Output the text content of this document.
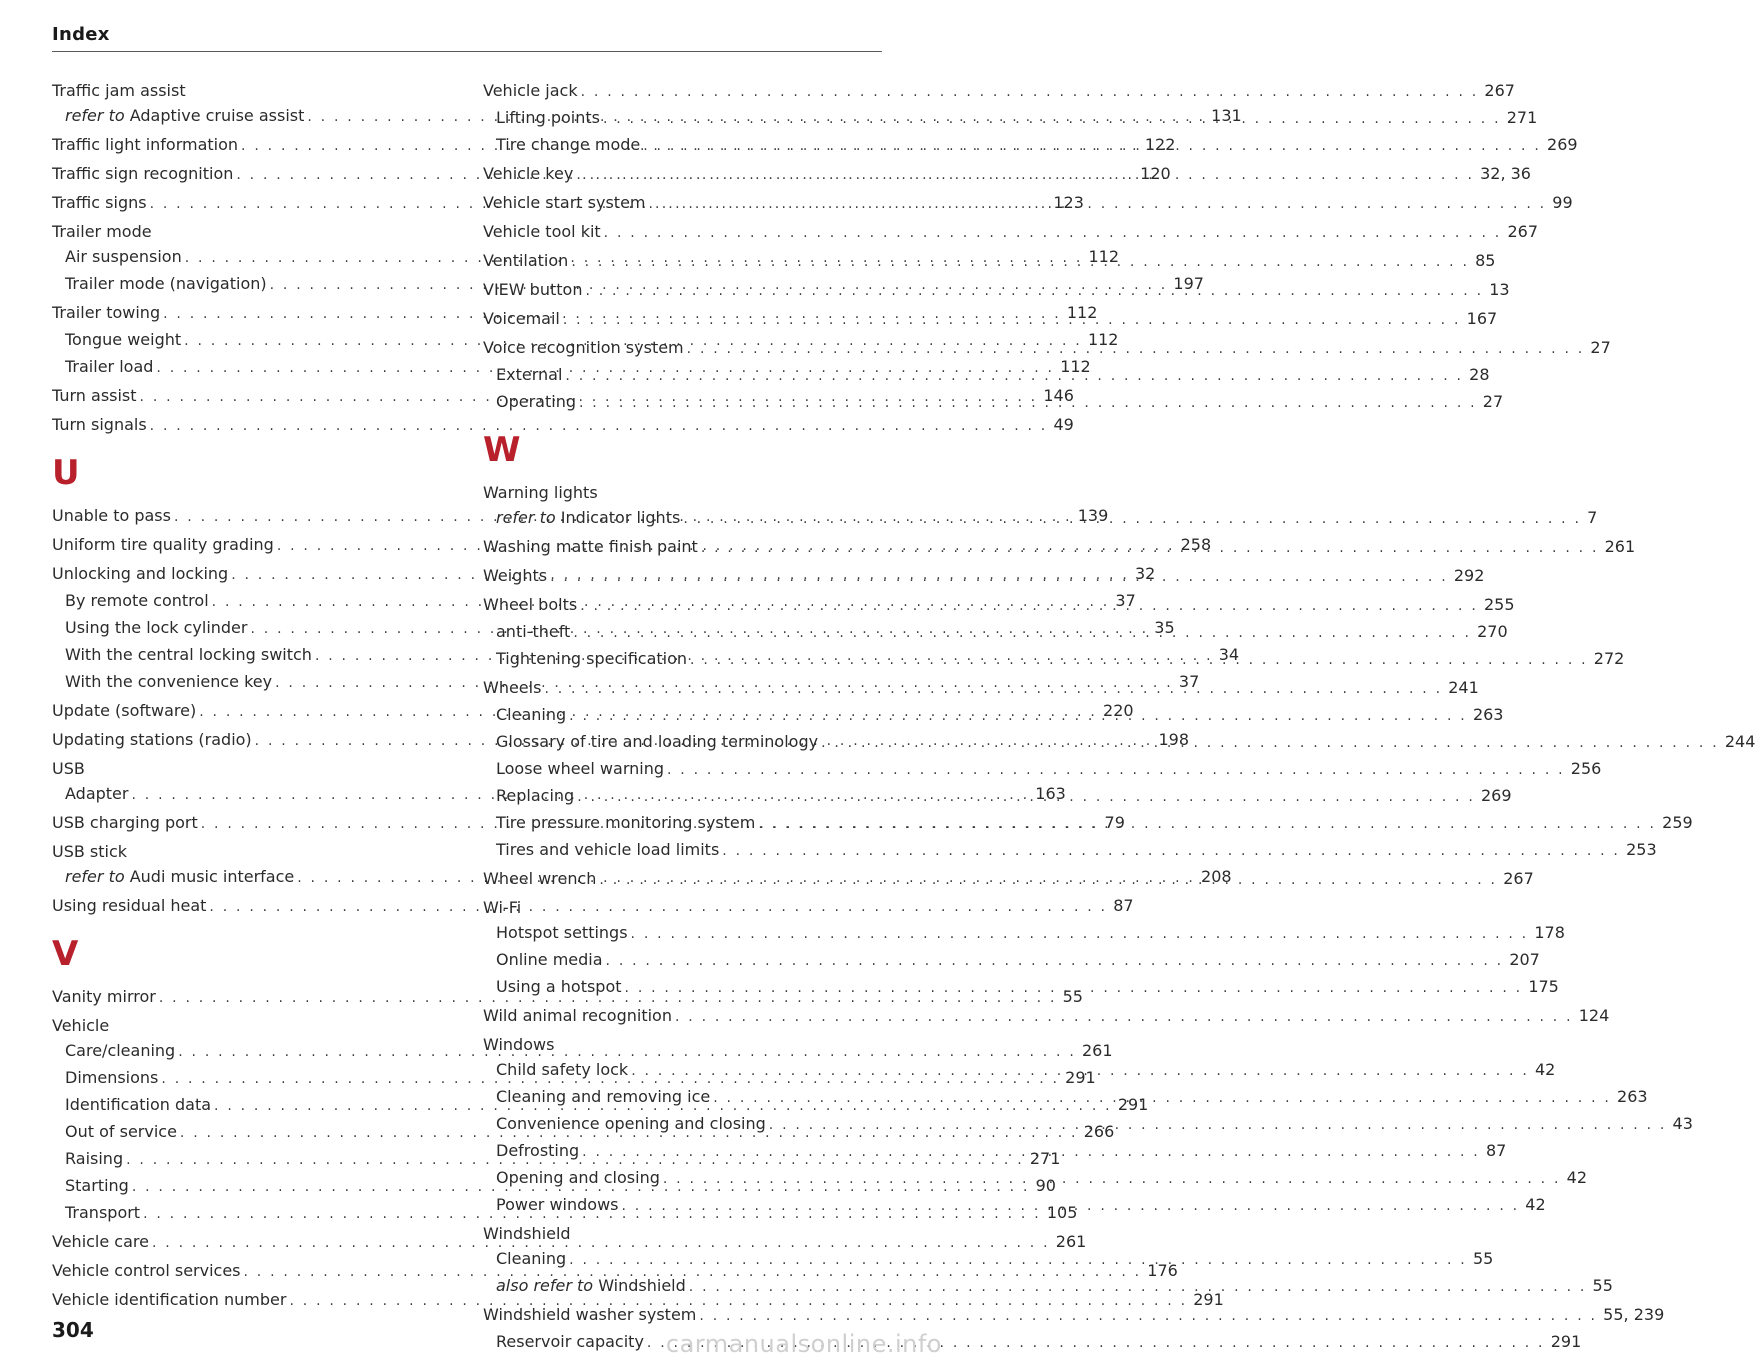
Index
Traffic jam assist
refer to Adaptive cruise assist . . .	131
Traffic light information . . .	122
Traffic sign recognition . . .	120
Traffic signs . . .	123
Trailer mode
Air suspension . . .	112
Trailer mode (navigation) . . .	197
Trailer towing . . .	112
Tongue weight . . .	112
Trailer load . . .	112
Turn assist . . .	146
Turn signals . . .	49
U
Unable to pass . . .	139
Uniform tire quality grading . . .	258
Unlocking and locking . . .	32
By remote control . . .	37
Using the lock cylinder . . .	35
With the central locking switch . . .	34
With the convenience key . . .	37
Update (software) . . .	220
Updating stations (radio) . . .	198
USB
Adapter . . .	163
USB charging port . . .	79
USB stick
refer to Audi music interface . . .	208
Using residual heat . . .	87
V
Vanity mirror . . .	55
Vehicle
Care/cleaning . . .	261
Dimensions . . .	291
Identification data . . .	291
Out of service . . .	266
Raising . . .	271
Starting . . .	90
Transport . . .	105
Vehicle care . . .	261
Vehicle control services . . .	176
Vehicle identification number . . .	291
Vehicle jack . . .	267
Lifting points . . .	271
Tire change mode . . .	269
Vehicle key . . .	32, 36
Vehicle start system . . .	99
Vehicle tool kit . . .	267
Ventilation . . .	85
VIEW button . . .	13
Voicemail . . .	167
Voice recognition system . . .	27
External . . .	28
Operating . . .	27
W
Warning lights
refer to Indicator lights . . .	7
Washing matte finish paint . . .	261
Weights . . .	292
Wheel bolts . . .	255
anti-theft . . .	270
Tightening specification . . .	272
Wheels . . .	241
Cleaning . . .	263
Glossary of tire and loading terminology . . .	244
Loose wheel warning . . .	256
Replacing . . .	269
Tire pressure monitoring system . . .	259
Tires and vehicle load limits . . .	253
Wheel wrench . . .	267
Wi-Fi
Hotspot settings . . .	178
Online media . . .	207
Using a hotspot . . .	175
Wild animal recognition . . .	124
Windows
Child safety lock . . .	42
Cleaning and removing ice . . .	263
Convenience opening and closing . . .	43
Defrosting . . .	87
Opening and closing . . .	42
Power windows . . .	42
Windshield
Cleaning . . .	55
also refer to Windshield . . .	55
Windshield washer system . . .	55, 239
Reservoir capacity . . .	291
304	carmanualsonline.info
